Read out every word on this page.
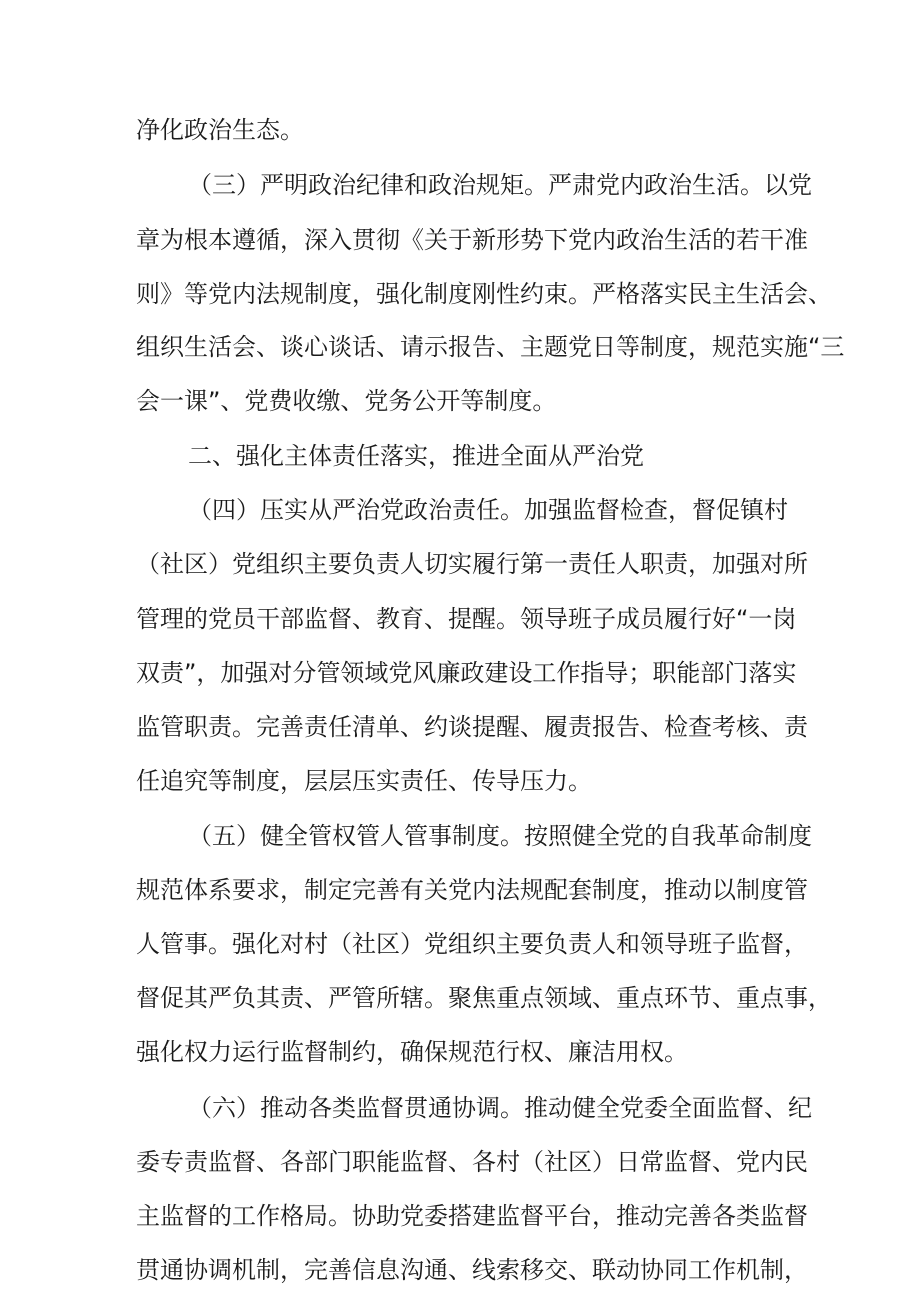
净化政治生态。
（三）严明政治纪律和政治规矩。严肃党内政治生活。以党
章为根本遵循，深入贯彻《关于新形势下党内政治生活的若干准
则》等党内法规制度，强化制度刚性约束。严格落实民主生活会、
组织生活会、谈心谈话、请示报告、主题党日等制度，规范实施“三
会一课”、党费收缴、党务公开等制度。
二、强化主体责任落实，推进全面从严治党
（四）压实从严治党政治责任。加强监督检查，督促镇村
（社区）党组织主要负责人切实履行第一责任人职责，加强对所
管理的党员干部监督、教育、提醒。领导班子成员履行好“一岗
双责”，加强对分管领域党风廉政建设工作指导；职能部门落实
监管职责。完善责任清单、约谈提醒、履责报告、检查考核、责
任追究等制度，层层压实责任、传导压力。
（五）健全管权管人管事制度。按照健全党的自我革命制度
规范体系要求，制定完善有关党内法规配套制度，推动以制度管
人管事。强化对村（社区）党组织主要负责人和领导班子监督，
督促其严负其责、严管所辖。聚焦重点领域、重点环节、重点事，
强化权力运行监督制约，确保规范行权、廉洁用权。
（六）推动各类监督贯通协调。推动健全党委全面监督、纪
委专责监督、各部门职能监督、各村（社区）日常监督、党内民
主监督的工作格局。协助党委搭建监督平台，推动完善各类监督
贯通协调机制，完善信息沟通、线索移交、联动协同工作机制，
